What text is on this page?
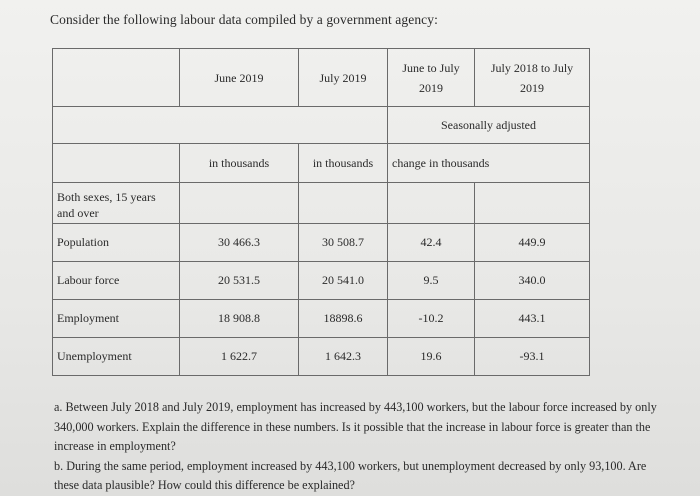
Consider the following labour data compiled by a government agency:
	June 2019	July 2019	June to July 2019	July 2018 to July 2019
			Seasonally adjusted	
	in thousands	in thousands	change in thousands	
Both sexes, 15 years and over				
Population	30 466.3	30 508.7	42.4	449.9
Labour force	20 531.5	20 541.0	9.5	340.0
Employment	18 908.8	18898.6	-10.2	443.1
Unemployment	1 622.7	1 642.3	19.6	-93.1

a. Between July 2018 and July 2019, employment has increased by 443,100 workers, but the labour force increased by only 340,000 workers. Explain the difference in these numbers. Is it possible that the increase in labour force is greater than the increase in employment?

b. During the same period, employment increased by 443,100 workers, but unemployment decreased by only 93,100. Are these data plausible? How could this difference be explained?
